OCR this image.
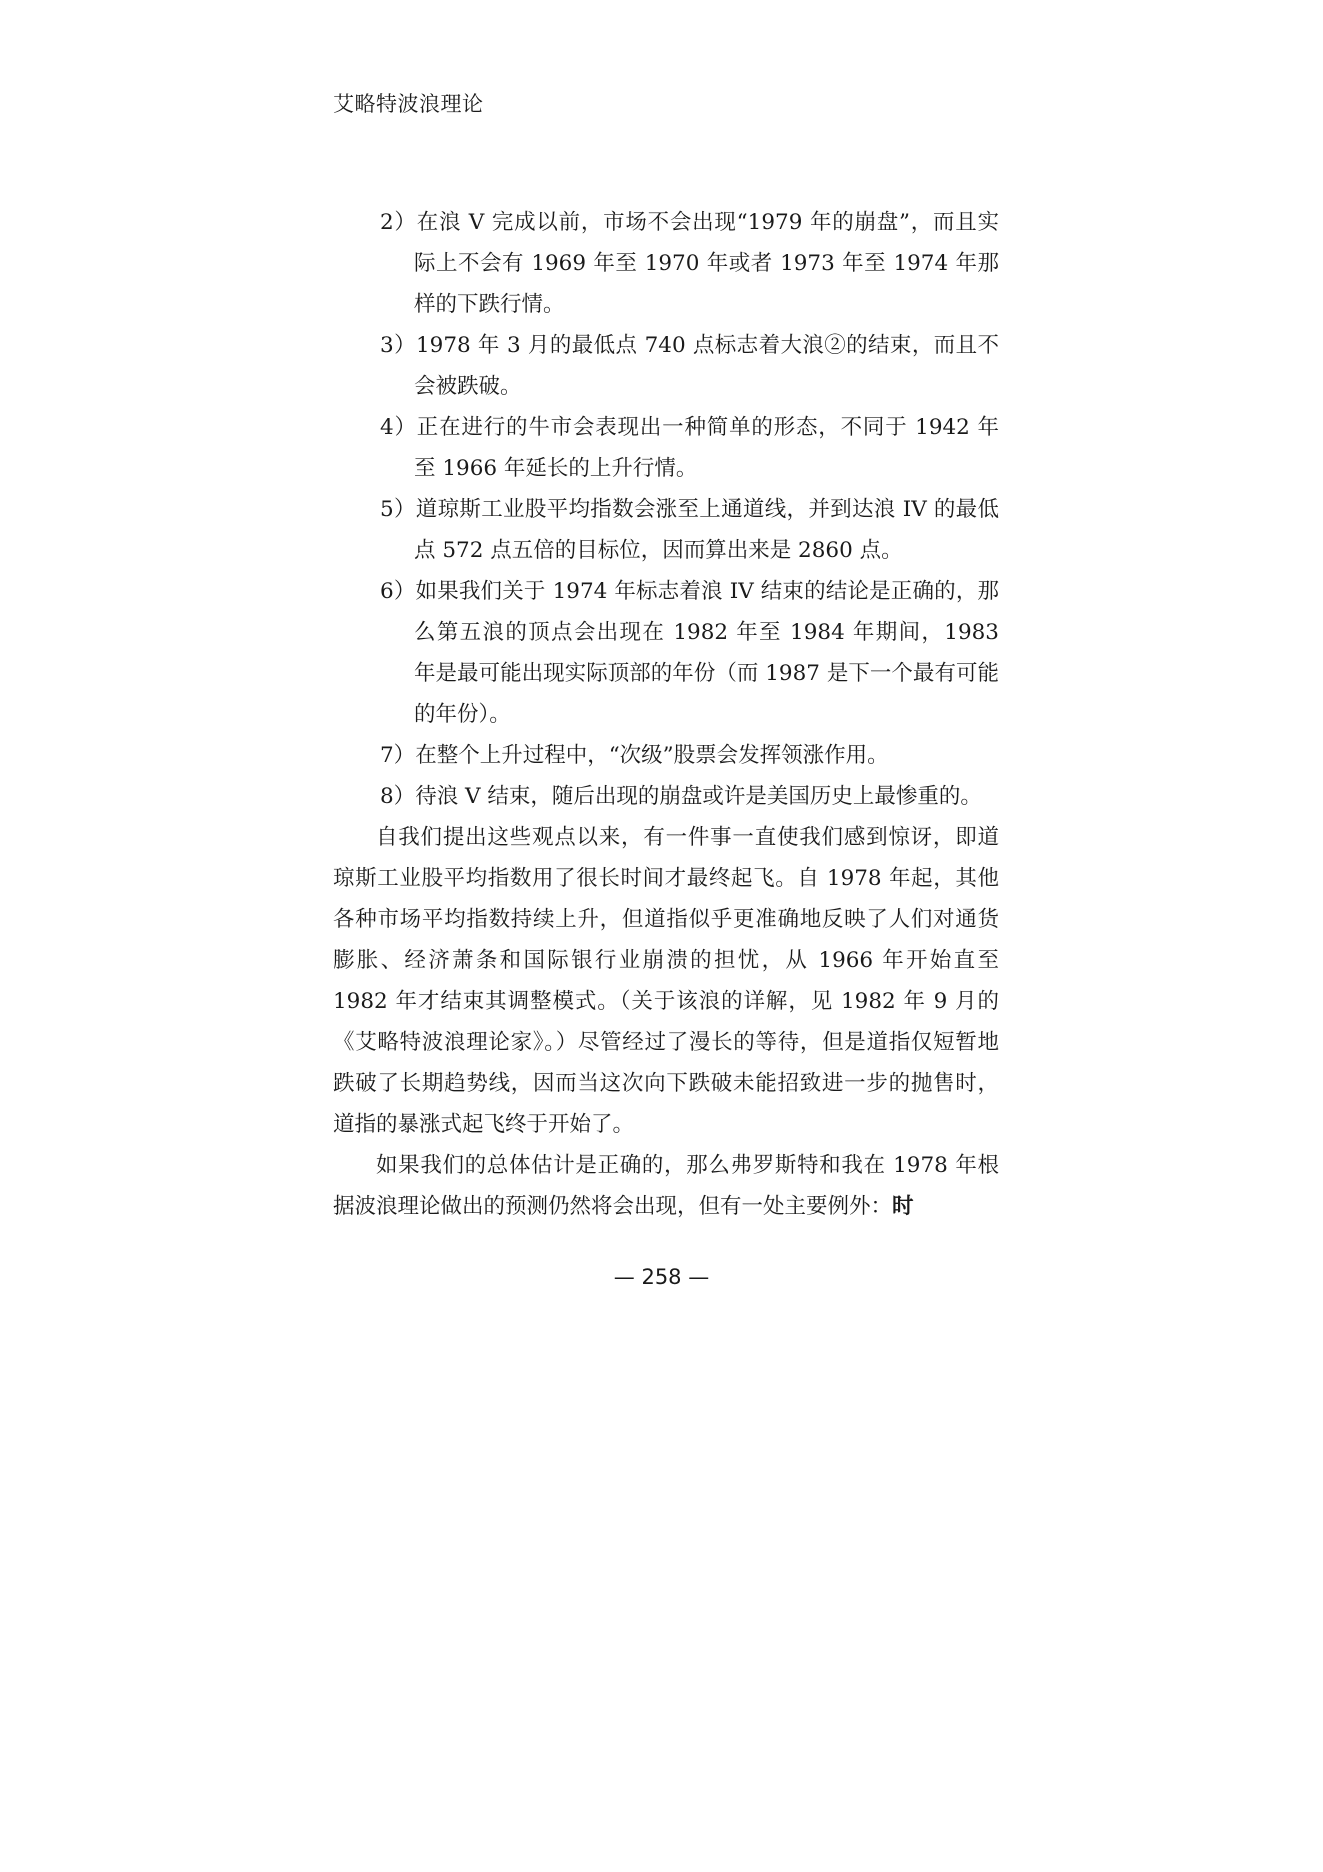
艾略特波浪理论
2）在浪 V 完成以前，市场不会出现“1979 年的崩盘”，而且实际上不会有 1969 年至 1970 年或者 1973 年至 1974 年那样的下跌行情。
3）1978 年 3 月的最低点 740 点标志着大浪②的结束，而且不会被跌破。
4）正在进行的牛市会表现出一种简单的形态，不同于 1942 年至 1966 年延长的上升行情。
5）道琼斯工业股平均指数会涨至上通道线，并到达浪 IV 的最低点 572 点五倍的目标位，因而算出来是 2860 点。
6）如果我们关于 1974 年标志着浪 IV 结束的结论是正确的，那么第五浪的顶点会出现在 1982 年至 1984 年期间，1983 年是最可能出现实际顶部的年份（而 1987 是下一个最有可能的年份）。
7）在整个上升过程中，“次级”股票会发挥领涨作用。
8）待浪 V 结束，随后出现的崩盘或许是美国历史上最惨重的。

自我们提出这些观点以来，有一件事一直使我们感到惊讶，即道琼斯工业股平均指数用了很长时间才最终起飞。自 1978 年起，其他各种市场平均指数持续上升，但道指似乎更准确地反映了人们对通货膨胀、经济萧条和国际银行业崩溃的担忧，从 1966 年开始直至 1982 年才结束其调整模式。（关于该浪的详解，见 1982 年 9 月的《艾略特波浪理论家》。）尽管经过了漫长的等待，但是道指仅短暂地跌破了长期趋势线，因而当这次向下跌破未能招致进一步的抛售时，道指的暴涨式起飞终于开始了。

如果我们的总体估计是正确的，那么弗罗斯特和我在 1978 年根据波浪理论做出的预测仍然将会出现，但有一处主要例外：时

— 258 —
